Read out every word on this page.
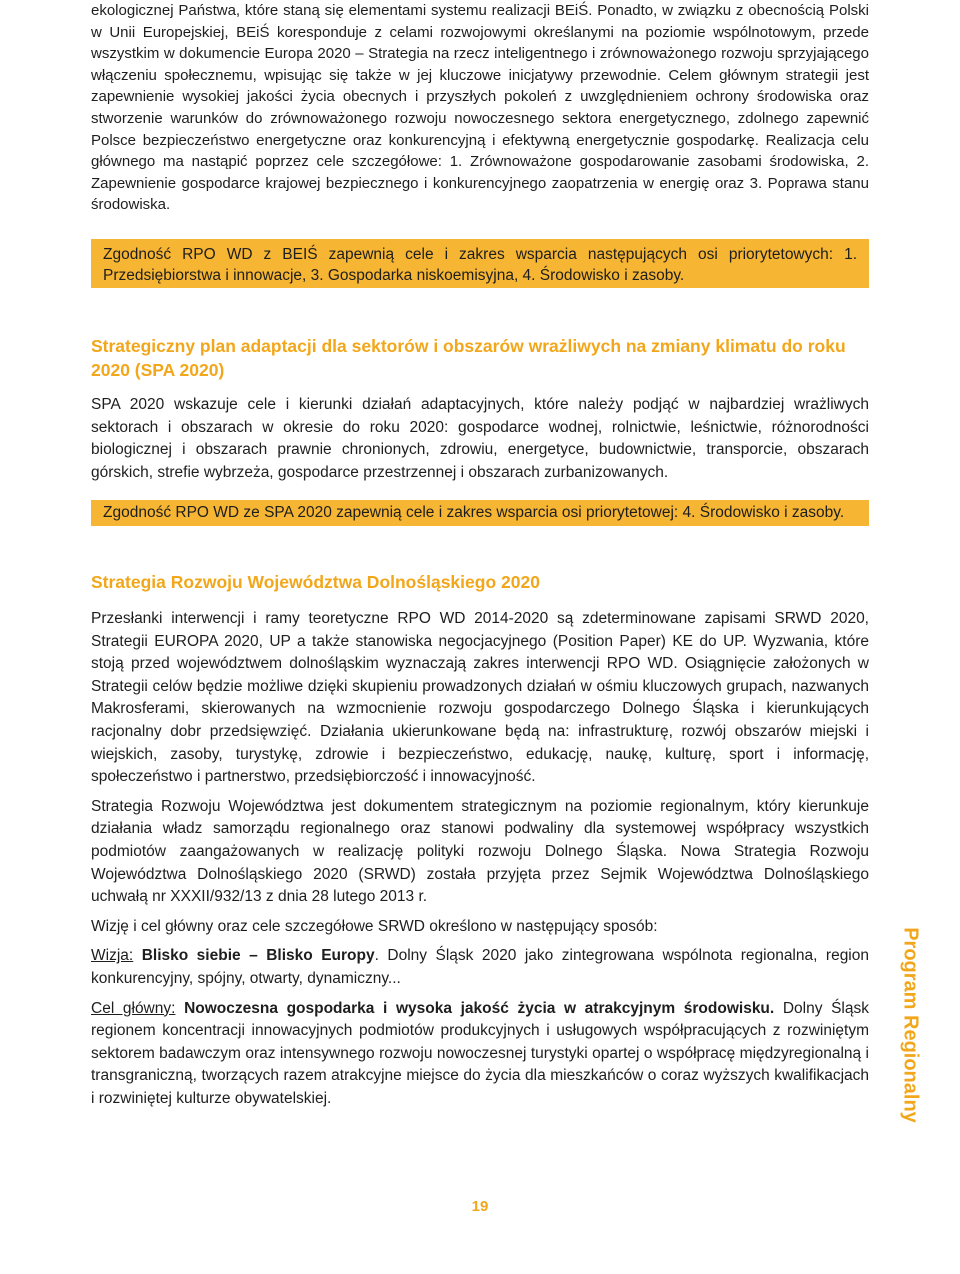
ekologicznej Państwa, które staną się elementami systemu realizacji BEiŚ. Ponadto, w związku z obecnością Polski w Unii Europejskiej, BEiŚ koresponduje z celami rozwojowymi określanymi na poziomie wspólnotowym, przede wszystkim w dokumencie Europa 2020 – Strategia na rzecz inteligentnego i zrównoważonego rozwoju sprzyjającego włączeniu społecznemu, wpisując się także w jej kluczowe inicjatywy przewodnie. Celem głównym strategii jest zapewnienie wysokiej jakości życia obecnych i przyszłych pokoleń z uwzględnieniem ochrony środowiska oraz stworzenie warunków do zrównoważonego rozwoju nowoczesnego sektora energetycznego, zdolnego zapewnić Polsce bezpieczeństwo energetyczne oraz konkurencyjną i efektywną energetycznie gospodarkę. Realizacja celu głównego ma nastąpić poprzez cele szczegółowe: 1. Zrównoważone gospodarowanie zasobami środowiska, 2. Zapewnienie gospodarce krajowej bezpiecznego i konkurencyjnego zaopatrzenia w energię oraz 3. Poprawa stanu środowiska.

Zgodność RPO WD z BEIŚ zapewnią cele i zakres wsparcia następujących osi priorytetowych: 1. Przedsiębiorstwa i innowacje, 3. Gospodarka niskoemisyjna, 4. Środowisko i zasoby.
Strategiczny plan adaptacji dla sektorów i obszarów wrażliwych na zmiany klimatu do roku 2020 (SPA 2020)

SPA 2020 wskazuje cele i kierunki działań adaptacyjnych, które należy podjąć w najbardziej wrażliwych sektorach i obszarach w okresie do roku 2020: gospodarce wodnej, rolnictwie, leśnictwie, różnorodności biologicznej i obszarach prawnie chronionych, zdrowiu, energetyce, budownictwie, transporcie, obszarach górskich, strefie wybrzeża, gospodarce przestrzennej i obszarach zurbanizowanych.

Zgodność RPO WD ze SPA 2020 zapewnią cele i zakres wsparcia osi priorytetowej: 4. Środowisko i zasoby.
Strategia Rozwoju Województwa Dolnośląskiego 2020

Przesłanki interwencji i ramy teoretyczne RPO WD 2014-2020 są zdeterminowane zapisami SRWD 2020, Strategii EUROPA 2020, UP a także stanowiska negocjacyjnego (Position Paper) KE do UP. Wyzwania, które stoją przed województwem dolnośląskim wyznaczają zakres interwencji RPO WD. Osiągnięcie założonych w Strategii celów będzie możliwe dzięki skupieniu prowadzonych działań w ośmiu kluczowych grupach, nazwanych Makrosferami, skierowanych na wzmocnienie rozwoju gospodarczego Dolnego Śląska i kierunkujących racjonalny dobr przedsięwzięć. Działania ukierunkowane będą na: infrastrukturę, rozwój obszarów miejski i wiejskich, zasoby, turystykę, zdrowie i bezpieczeństwo, edukację, naukę, kulturę, sport i informację, społeczeństwo i partnerstwo, przedsiębiorczość i innowacyjność.

Strategia Rozwoju Województwa jest dokumentem strategicznym na poziomie regionalnym, który kierunkuje działania władz samorządu regionalnego oraz stanowi podwaliny dla systemowej współpracy wszystkich podmiotów zaangażowanych w realizację polityki rozwoju Dolnego Śląska. Nowa Strategia Rozwoju Województwa Dolnośląskiego 2020 (SRWD) została przyjęta przez Sejmik Województwa Dolnośląskiego uchwałą nr XXXII/932/13 z dnia 28 lutego 2013 r.

Wizję i cel główny oraz cele szczegółowe SRWD określono w następujący sposób:

Wizja: Blisko siebie – Blisko Europy. Dolny Śląsk 2020 jako zintegrowana wspólnota regionalna, region konkurencyjny, spójny, otwarty, dynamiczny...

Cel główny: Nowoczesna gospodarka i wysoka jakość życia w atrakcyjnym środowisku. Dolny Śląsk regionem koncentracji innowacyjnych podmiotów produkcyjnych i usługowych współpracujących z rozwiniętym sektorem badawczym oraz intensywnego rozwoju nowoczesnej turystyki opartej o współpracę międzyregionalną i transgraniczną, tworzących razem atrakcyjne miejsce do życia dla mieszkańców o coraz wyższych kwalifikacjach i rozwiniętej kulturze obywatelskiej.	Program Regionalny
19
